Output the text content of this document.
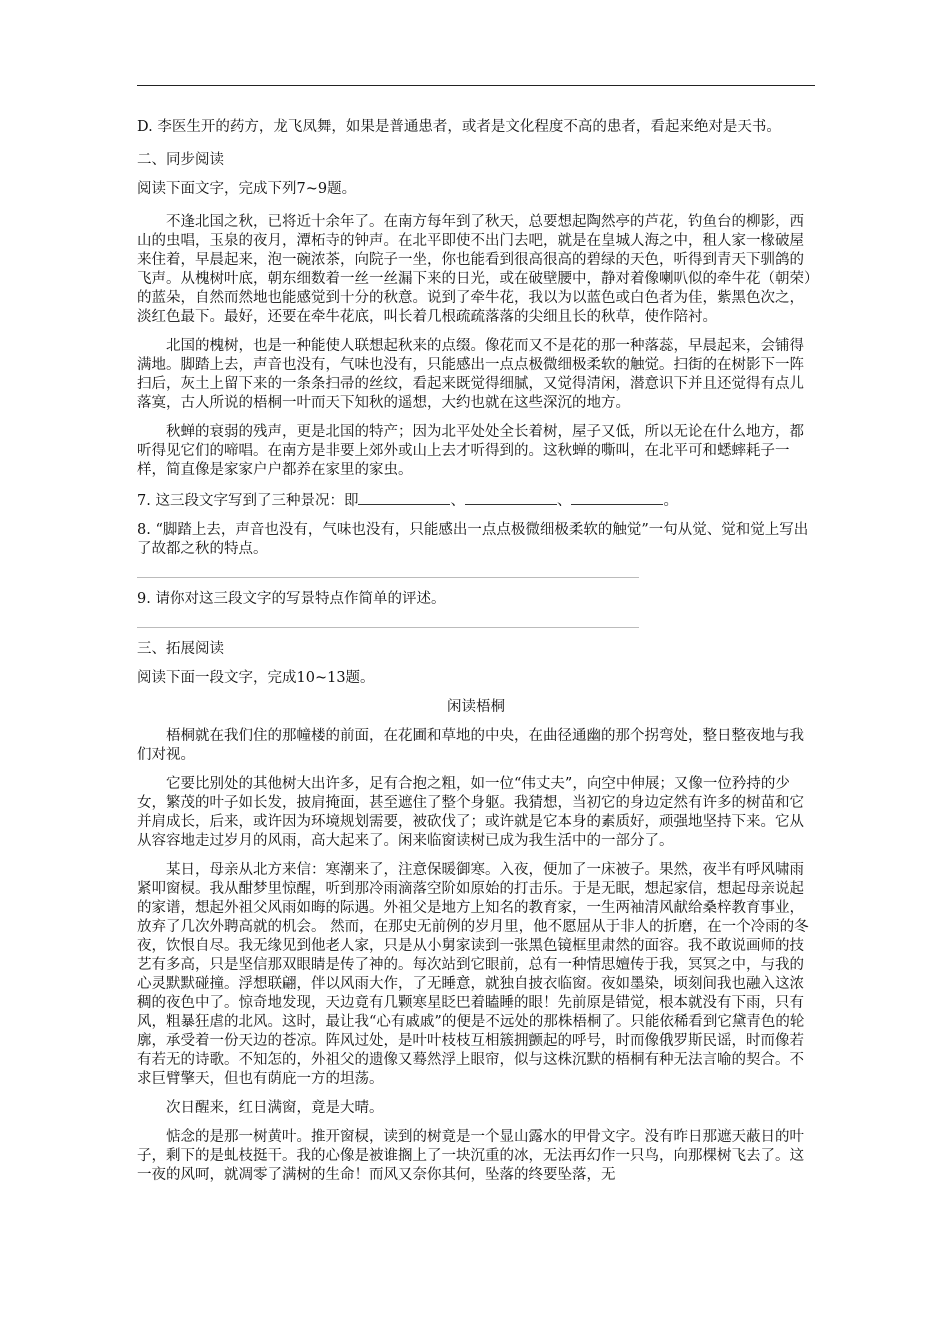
D. 李医生开的药方，龙飞凤舞，如果是普通患者，或者是文化程度不高的患者，看起来绝对是天书。

二、同步阅读

阅读下面文字，完成下列7~9题。

不逢北国之秋，已将近十余年了。在南方每年到了秋天，总要想起陶然亭的芦花，钓鱼台的柳影，西山的虫唱，玉泉的夜月，潭柘寺的钟声。在北平即使不出门去吧，就是在皇城人海之中，租人家一椽破屋来住着，早晨起来，泡一碗浓茶，向院子一坐，你也能看到很高很高的碧绿的天色，听得到青天下驯鸽的飞声。从槐树叶底，朝东细数着一丝一丝漏下来的日光，或在破壁腰中，静对着像喇叭似的牵牛花（朝荣）的蓝朵，自然而然地也能感觉到十分的秋意。说到了牵牛花，我以为以蓝色或白色者为佳，紫黑色次之，淡红色最下。最好，还要在牵牛花底，叫长着几根疏疏落落的尖细且长的秋草，使作陪衬。

北国的槐树，也是一种能使人联想起秋来的点缀。像花而又不是花的那一种落蕊，早晨起来，会铺得满地。脚踏上去，声音也没有，气味也没有，只能感出一点点极微细极柔软的触觉。扫街的在树影下一阵扫后，灰土上留下来的一条条扫帚的丝纹，看起来既觉得细腻，又觉得清闲，潜意识下并且还觉得有点儿落寞，古人所说的梧桐一叶而天下知秋的遥想，大约也就在这些深沉的地方。

秋蝉的衰弱的残声，更是北国的特产；因为北平处处全长着树，屋子又低，所以无论在什么地方，都听得见它们的啼唱。在南方是非要上郊外或山上去才听得到的。这秋蝉的嘶叫，在北平可和蟋蟀耗子一样，简直像是家家户户都养在家里的家虫。

7. 这三段文字写到了三种景况：即	、	、	。

8. “脚踏上去，声音也没有，气味也没有，只能感出一点点极微细极柔软的触觉”一句从觉、觉和觉上写出了故都之秋的特点。

9. 请你对这三段文字的写景特点作简单的评述。

三、拓展阅读

阅读下面一段文字，完成10~13题。

闲读梧桐

梧桐就在我们住的那幢楼的前面，在花圃和草地的中央，在曲径通幽的那个拐弯处，整日整夜地与我们对视。

它要比别处的其他树大出许多，足有合抱之粗，如一位“伟丈夫”，向空中伸展；又像一位矜持的少女，繁茂的叶子如长发，披肩掩面，甚至遮住了整个身躯。我猜想，当初它的身边定然有许多的树苗和它并肩成长，后来，或许因为环境规划需要，被砍伐了；或许就是它本身的素质好，顽强地坚持下来。它从从容容地走过岁月的风雨，高大起来了。闲来临窗读树已成为我生活中的一部分了。

某日，母亲从北方来信：寒潮来了，注意保暖御寒。入夜，便加了一床被子。果然，夜半有呼风啸雨紧叩窗棂。我从酣梦里惊醒，听到那冷雨滴落空阶如原始的打击乐。于是无眠，想起家信，想起母亲说起的家谱，想起外祖父风雨如晦的际遇。外祖父是地方上知名的教育家，一生两袖清风献给桑梓教育事业，放弃了几次外聘高就的机会。 然而，在那史无前例的岁月里，他不愿屈从于非人的折磨，在一个冷雨的冬夜，饮恨自尽。我无缘见到他老人家，只是从小舅家读到一张黑色镜框里肃然的面容。我不敢说画师的技艺有多高，只是坚信那双眼睛是传了神的。每次站到它眼前，总有一种情思嬗传于我，冥冥之中，与我的心灵默默碰撞。浮想联翩，伴以风雨大作，了无睡意，就独自披衣临窗。夜如墨染，顷刻间我也融入这浓稠的夜色中了。惊奇地发现，天边竟有几颗寒星眨巴着瞌睡的眼！先前原是错觉，根本就没有下雨，只有风，粗暴狂虐的北风。这时，最让我“心有戚戚”的便是不远处的那株梧桐了。只能依稀看到它黛青色的轮廓，承受着一份天边的苍凉。阵风过处，是叶叶枝枝互相簇拥颤起的呼号，时而像俄罗斯民谣，时而像若有若无的诗歌。不知怎的，外祖父的遗像又蓦然浮上眼帘，似与这株沉默的梧桐有种无法言喻的契合。不求巨臂擎天，但也有荫庇一方的坦荡。

次日醒来，红日满窗，竟是大晴。

惦念的是那一树黄叶。推开窗棂，读到的树竟是一个显山露水的甲骨文字。没有昨日那遮天蔽日的叶子，剩下的是虬枝挺干。我的心像是被谁搁上了一块沉重的冰，无法再幻作一只鸟，向那棵树飞去了。这一夜的风呵，就凋零了满树的生命！而风又奈你其何，坠落的终要坠落，无
